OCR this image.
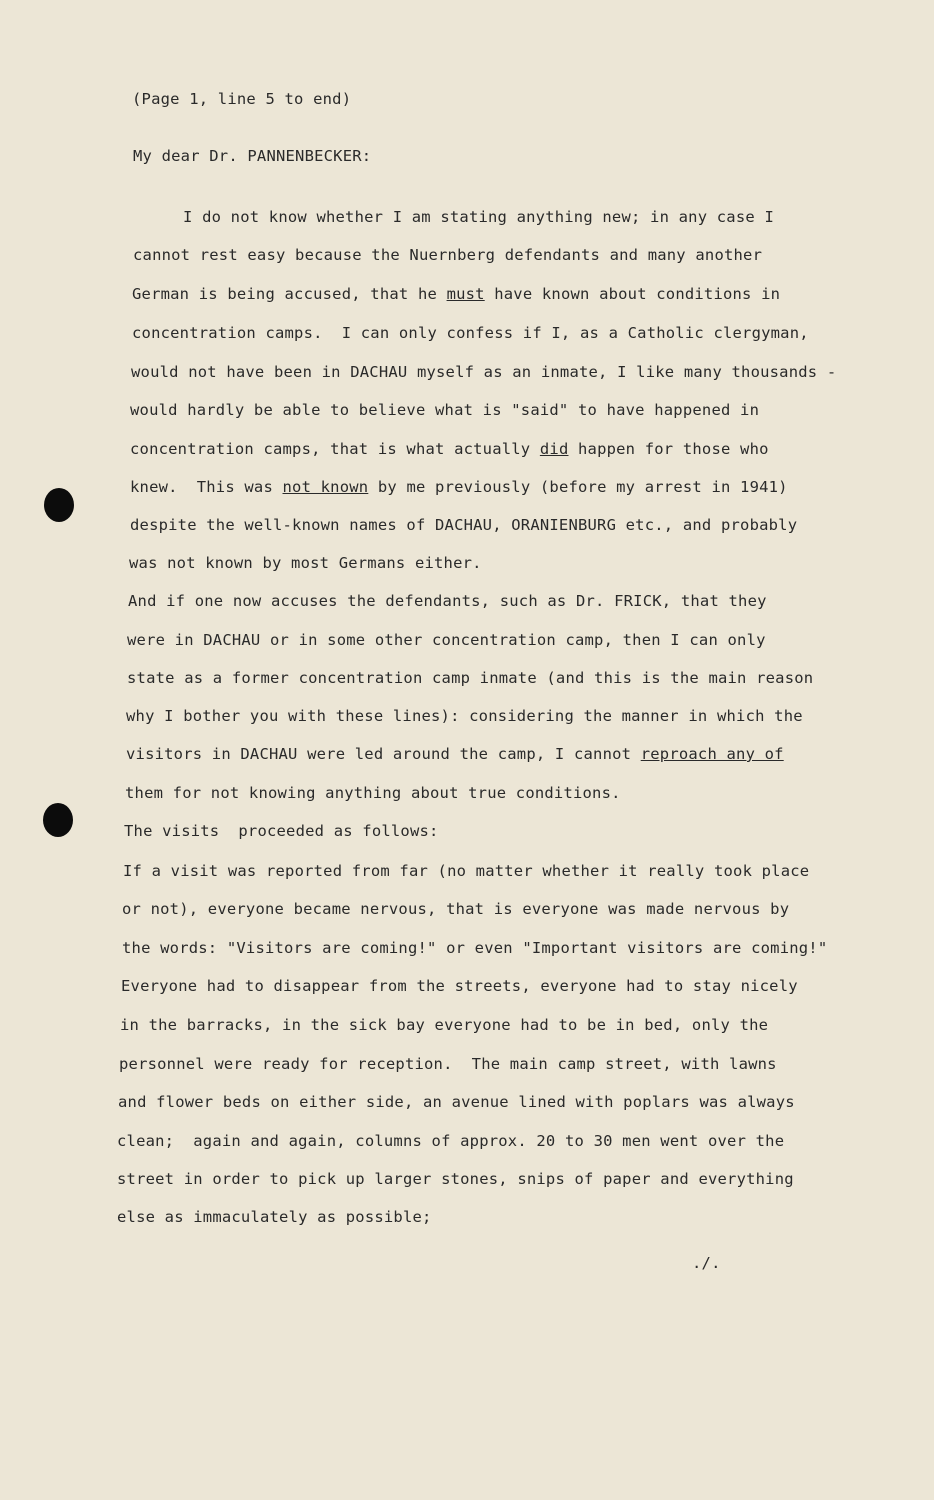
(Page 1, line 5 to end)
My dear Dr. PANNENBECKER:
I do not know whether I am stating anything new; in any case I
cannot rest easy because the Nuernberg defendants and many another
German is being accused, that he must have known about conditions in
concentration camps.  I can only confess if I, as a Catholic clergyman,
would not have been in DACHAU myself as an inmate, I like many thousands -
would hardly be able to believe what is "said" to have happened in
concentration camps, that is what actually did happen for those who
knew.  This was not known by me previously (before my arrest in 1941)
despite the well-known names of DACHAU, ORANIENBURG etc., and probably
was not known by most Germans either.
And if one now accuses the defendants, such as Dr. FRICK, that they
were in DACHAU or in some other concentration camp, then I can only
state as a former concentration camp inmate (and this is the main reason
why I bother you with these lines): considering the manner in which the
visitors in DACHAU were led around the camp, I cannot reproach any of
them for not knowing anything about true conditions.
The visits  proceeded as follows:
If a visit was reported from far (no matter whether it really took place
or not), everyone became nervous, that is everyone was made nervous by
the words: "Visitors are coming!" or even "Important visitors are coming!"
Everyone had to disappear from the streets, everyone had to stay nicely
in the barracks, in the sick bay everyone had to be in bed, only the
personnel were ready for reception.  The main camp street, with lawns
and flower beds on either side, an avenue lined with poplars was always
clean;  again and again, columns of approx. 20 to 30 men went over the
street in order to pick up larger stones, snips of paper and everything
else as immaculately as possible;
./.
